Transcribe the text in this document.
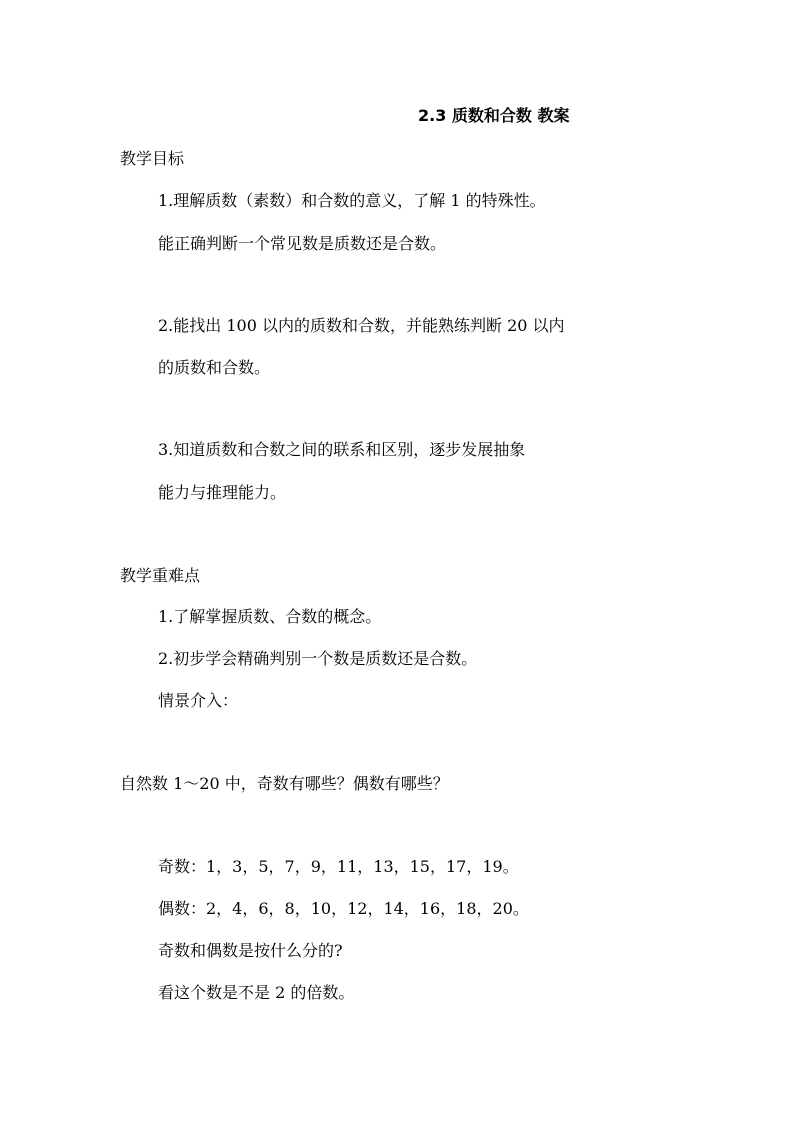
2.3 质数和合数 教案
教学目标
1.理解质数（素数）和合数的意义，了解 1 的特殊性。
能正确判断一个常见数是质数还是合数。
2.能找出 100 以内的质数和合数，并能熟练判断 20 以内
的质数和合数。
3.知道质数和合数之间的联系和区别，逐步发展抽象
能力与推理能力。
教学重难点
1.了解掌握质数、合数的概念。
2.初步学会精确判别一个数是质数还是合数。
情景介入：
自然数 1～20 中，奇数有哪些？偶数有哪些？
奇数：1，3，5，7，9，11，13，15，17，19。
偶数：2，4，6，8，10，12，14，16，18，20。
奇数和偶数是按什么分的?
看这个数是不是 2 的倍数。
